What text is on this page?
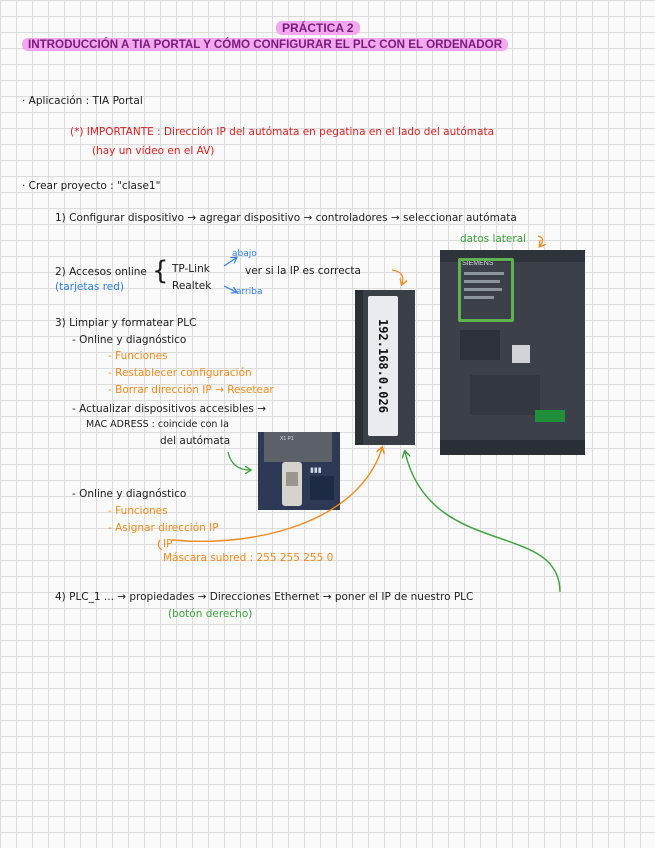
PRÁCTICA 2
INTRODUCCIÓN A TIA PORTAL Y CÓMO CONFIGURAR EL PLC CON EL ORDENADOR
· Aplicación : TIA Portal
(*) IMPORTANTE : Dirección IP del autómata en pegatina en el lado del autómata
(hay un vídeo en el AV)
· Crear proyecto : "clase1"
1) Configurar dispositivo → agregar dispositivo → controladores → seleccionar autómata
datos lateral
2) Accesos online
(tarjetas red)
{ TP-Link
Realtek
abajo
arriba
ver si la IP es correcta
3) Limpiar y formatear PLC
- Online y diagnóstico
- Funciones
- Restablecer configuración
- Borrar dirección IP → Resetear
- Actualizar dispositivos accesibles →
MAC ADRESS : coincide con la
del autómata
- Online y diagnóstico
- Funciones
- Asignar dirección IP
IP
Máscara subred : 255 255 255 0
4) PLC_1 ... → propiedades → Direcciones Ethernet → poner el IP de nuestro PLC
(botón derecho)
192.168.0.026
SIEMENS
X1 P1
▮▮▮
